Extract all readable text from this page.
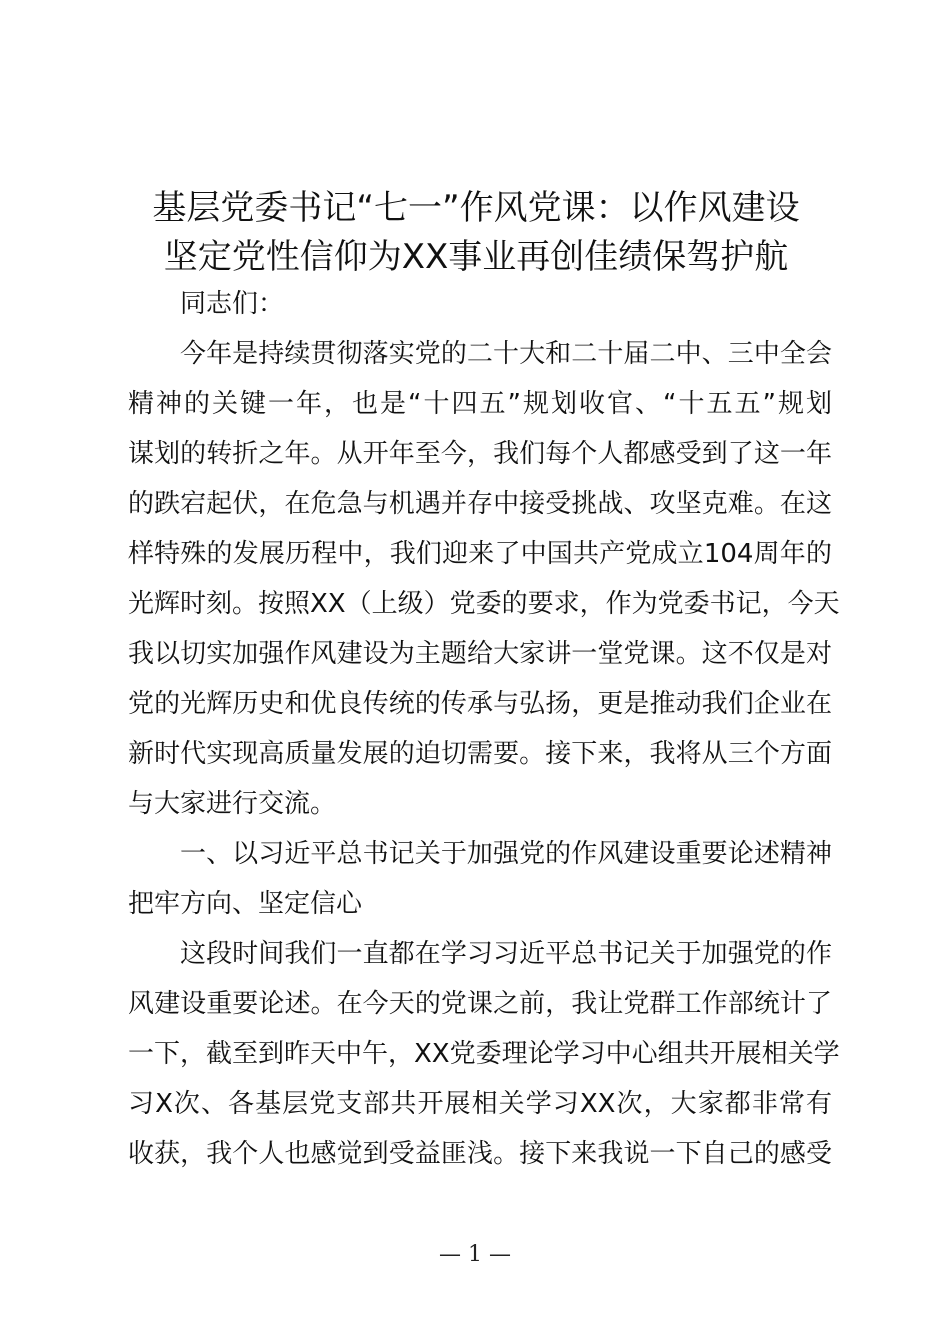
基层党委书记“七一”作风党课：以作风建设
坚定党性信仰为XX事业再创佳绩保驾护航
同志们：
今年是持续贯彻落实党的二十大和二十届二中、三中全会
精神的关键一年，也是“十四五”规划收官、“十五五”规划
谋划的转折之年。从开年至今，我们每个人都感受到了这一年
的跌宕起伏，在危急与机遇并存中接受挑战、攻坚克难。在这
样特殊的发展历程中，我们迎来了中国共产党成立104周年的
光辉时刻。按照XX（上级）党委的要求，作为党委书记，今天
我以切实加强作风建设为主题给大家讲一堂党课。这不仅是对
党的光辉历史和优良传统的传承与弘扬，更是推动我们企业在
新时代实现高质量发展的迫切需要。接下来，我将从三个方面
与大家进行交流。
一、以习近平总书记关于加强党的作风建设重要论述精神
把牢方向、坚定信心
这段时间我们一直都在学习习近平总书记关于加强党的作
风建设重要论述。在今天的党课之前，我让党群工作部统计了
一下，截至到昨天中午，XX党委理论学习中心组共开展相关学
习X次、各基层党支部共开展相关学习XX次，大家都非常有
收获，我个人也感觉到受益匪浅。接下来我说一下自己的感受
— 1 —
